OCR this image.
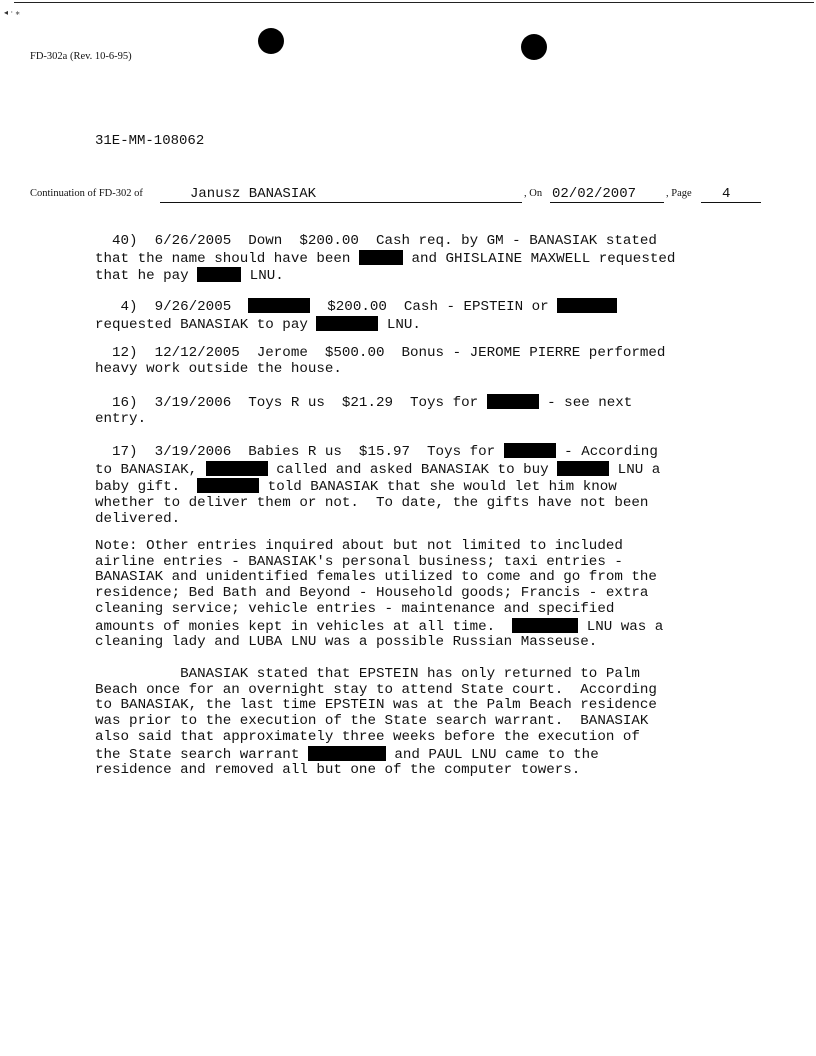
◂ · ⁎
FD-302a (Rev. 10-6-95)
31E-MM-108062
Continuation of FD-302 of	Janusz BANASIAK	, On 02/02/2007	, Page 4
40)  6/26/2005  Down  $200.00  Cash req. by GM - BANASIAK stated
that the name should have been	and GHISLAINE MAXWELL requested
that he pay	LNU.
4)  9/26/2005	$200.00  Cash - EPSTEIN or
requested BANASIAK to pay	LNU.
12)  12/12/2005  Jerome  $500.00  Bonus - JEROME PIERRE performed
heavy work outside the house.
16)  3/19/2006  Toys R us  $21.29  Toys for	- see next
entry.
17)  3/19/2006  Babies R us  $15.97  Toys for	- According
to BANASIAK,	called and asked BANASIAK to buy	LNU a
baby gift.	told BANASIAK that she would let him know
whether to deliver them or not.  To date, the gifts have not been
delivered.
Note: Other entries inquired about but not limited to included
airline entries - BANASIAK's personal business; taxi entries -
BANASIAK and unidentified females utilized to come and go from the
residence; Bed Bath and Beyond - Household goods; Francis - extra
cleaning service; vehicle entries - maintenance and specified
amounts of monies kept in vehicles at all time.	LNU was a
cleaning lady and LUBA LNU was a possible Russian Masseuse.
BANASIAK stated that EPSTEIN has only returned to Palm
Beach once for an overnight stay to attend State court.  According
to BANASIAK, the last time EPSTEIN was at the Palm Beach residence
was prior to the execution of the State search warrant.  BANASIAK
also said that approximately three weeks before the execution of
the State search warrant	and PAUL LNU came to the
residence and removed all but one of the computer towers.
